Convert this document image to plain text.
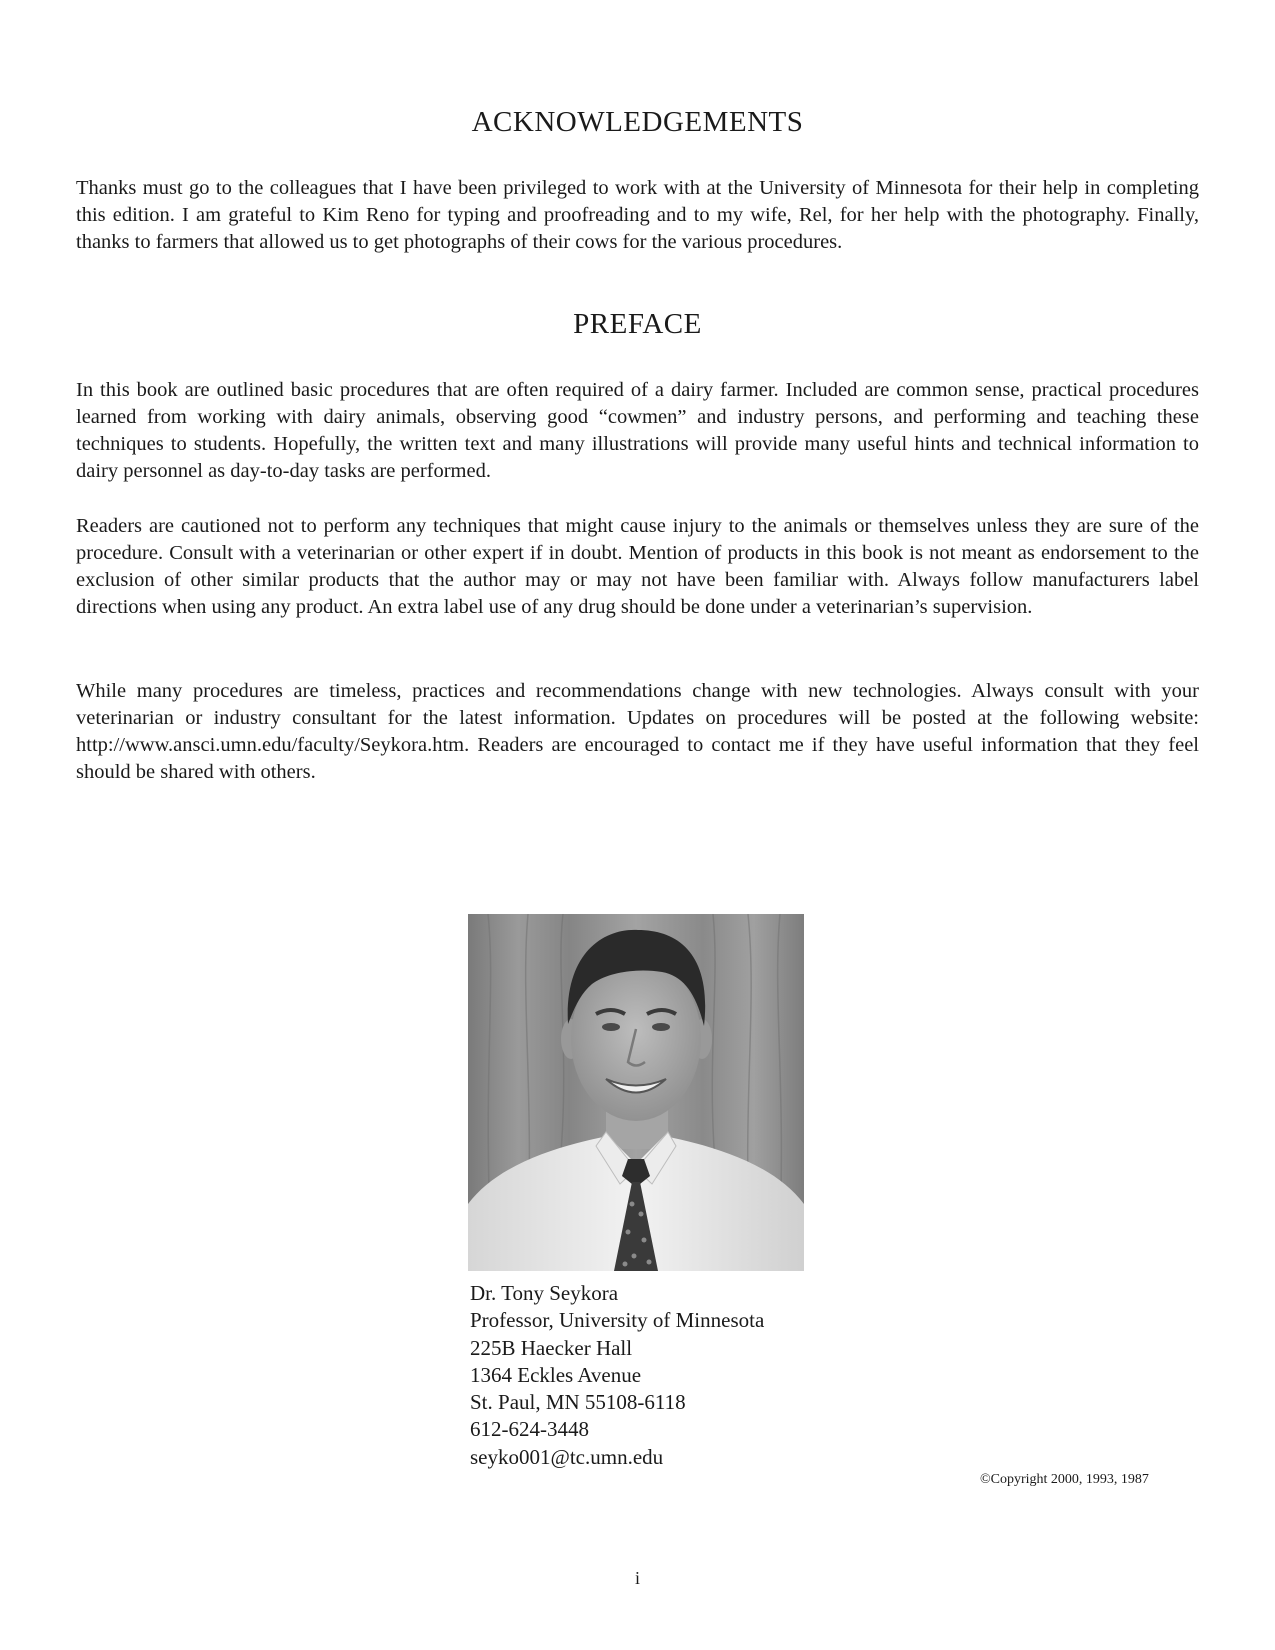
ACKNOWLEDGEMENTS

Thanks must go to the colleagues that I have been privileged to work with at the University of Minnesota for their help in completing this edition. I am grateful to Kim Reno for typing and proofreading and to my wife, Rel, for her help with the photography. Finally, thanks to farmers that allowed us to get photographs of their cows for the various procedures.

PREFACE

In this book are outlined basic procedures that are often required of a dairy farmer. Included are common sense, practical procedures learned from working with dairy animals, observing good “cowmen” and industry persons, and performing and teaching these techniques to students. Hopefully, the written text and many illustrations will provide many useful hints and technical information to dairy personnel as day-to-day tasks are performed.

Readers are cautioned not to perform any techniques that might cause injury to the animals or themselves unless they are sure of the procedure. Consult with a veterinarian or other expert if in doubt. Mention of products in this book is not meant as endorsement to the exclusion of other similar products that the author may or may not have been familiar with. Always follow manufacturers label directions when using any product. An extra label use of any drug should be done under a veterinarian’s supervision.

While many procedures are timeless, practices and recommendations change with new technologies. Always consult with your veterinarian or industry consultant for the latest information. Updates on procedures will be posted at the following website: http://www.ansci.umn.edu/faculty/Seykora.htm. Readers are encouraged to contact me if they have useful information that they feel should be shared with others.

Dr. Tony Seykora
Professor, University of Minnesota
225B Haecker Hall
1364 Eckles Avenue
St. Paul, MN 55108-6118
612-624-3448
seyko001@tc.umn.edu
©Copyright 2000, 1993, 1987
i
